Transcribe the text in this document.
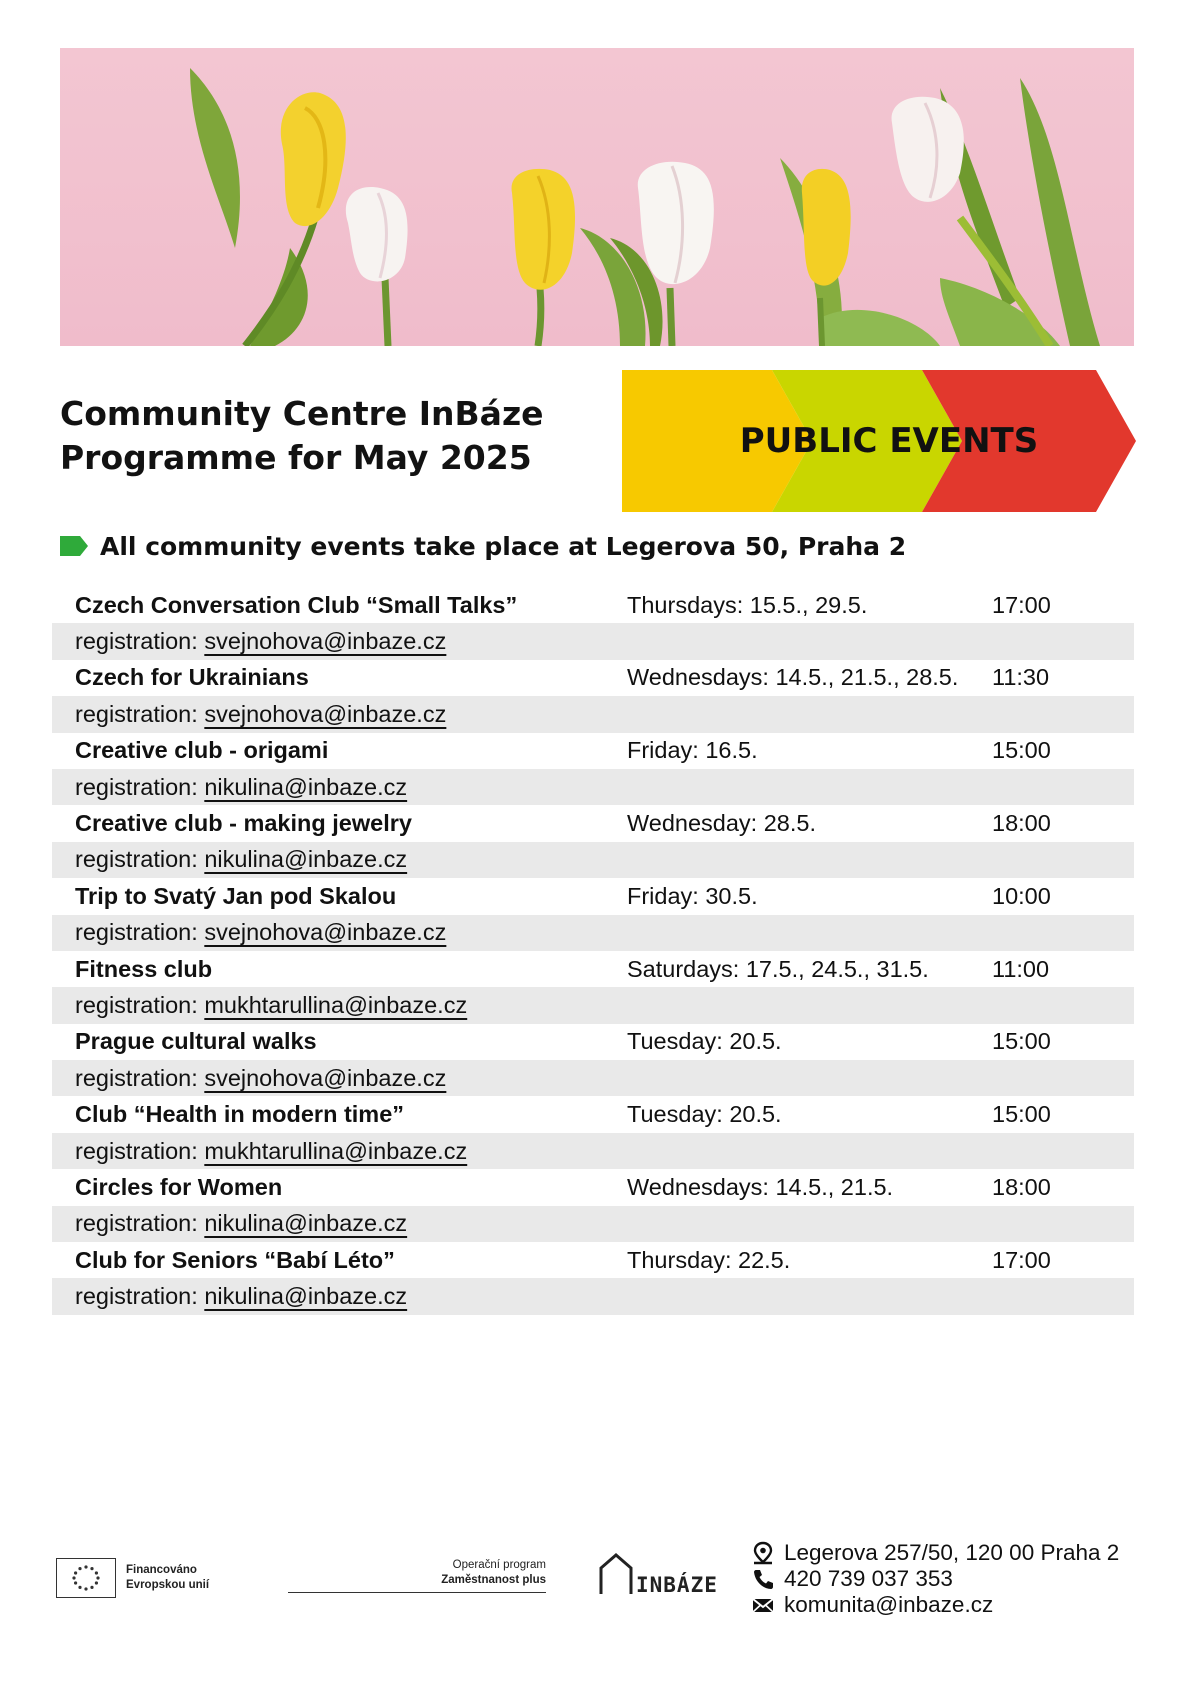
Community Centre InBáze
Programme for May 2025	PUBLIC EVENTS
All community events take place at Legerova 50, Praha 2
Czech Conversation Club “Small Talks”	Thursdays: 15.5., 29.5.	17:00
registration: svejnohova@inbaze.cz
Czech for Ukrainians	Wednesdays: 14.5., 21.5., 28.5.	11:30
registration: svejnohova@inbaze.cz
Creative club - origami	Friday: 16.5.	15:00
registration: nikulina@inbaze.cz
Creative club - making jewelry	Wednesday: 28.5.	18:00
registration: nikulina@inbaze.cz
Trip to Svatý Jan pod Skalou	Friday: 30.5.	10:00
registration: svejnohova@inbaze.cz
Fitness club	Saturdays: 17.5., 24.5., 31.5.	11:00
registration: mukhtarullina@inbaze.cz
Prague cultural walks	Tuesday: 20.5.	15:00
registration: svejnohova@inbaze.cz
Club “Health in modern time”	Tuesday: 20.5.	15:00
registration: mukhtarullina@inbaze.cz
Circles for Women	Wednesdays: 14.5., 21.5.	18:00
registration: nikulina@inbaze.cz
Club for Seniors “Babí Léto”	Thursday: 22.5.	17:00
registration: nikulina@inbaze.cz
Financováno
Evropskou unií
Operační program
Zaměstnanost plus	INBÁZE
Legerova 257/50, 120 00 Praha 2
420 739 037 353
komunita@inbaze.cz
